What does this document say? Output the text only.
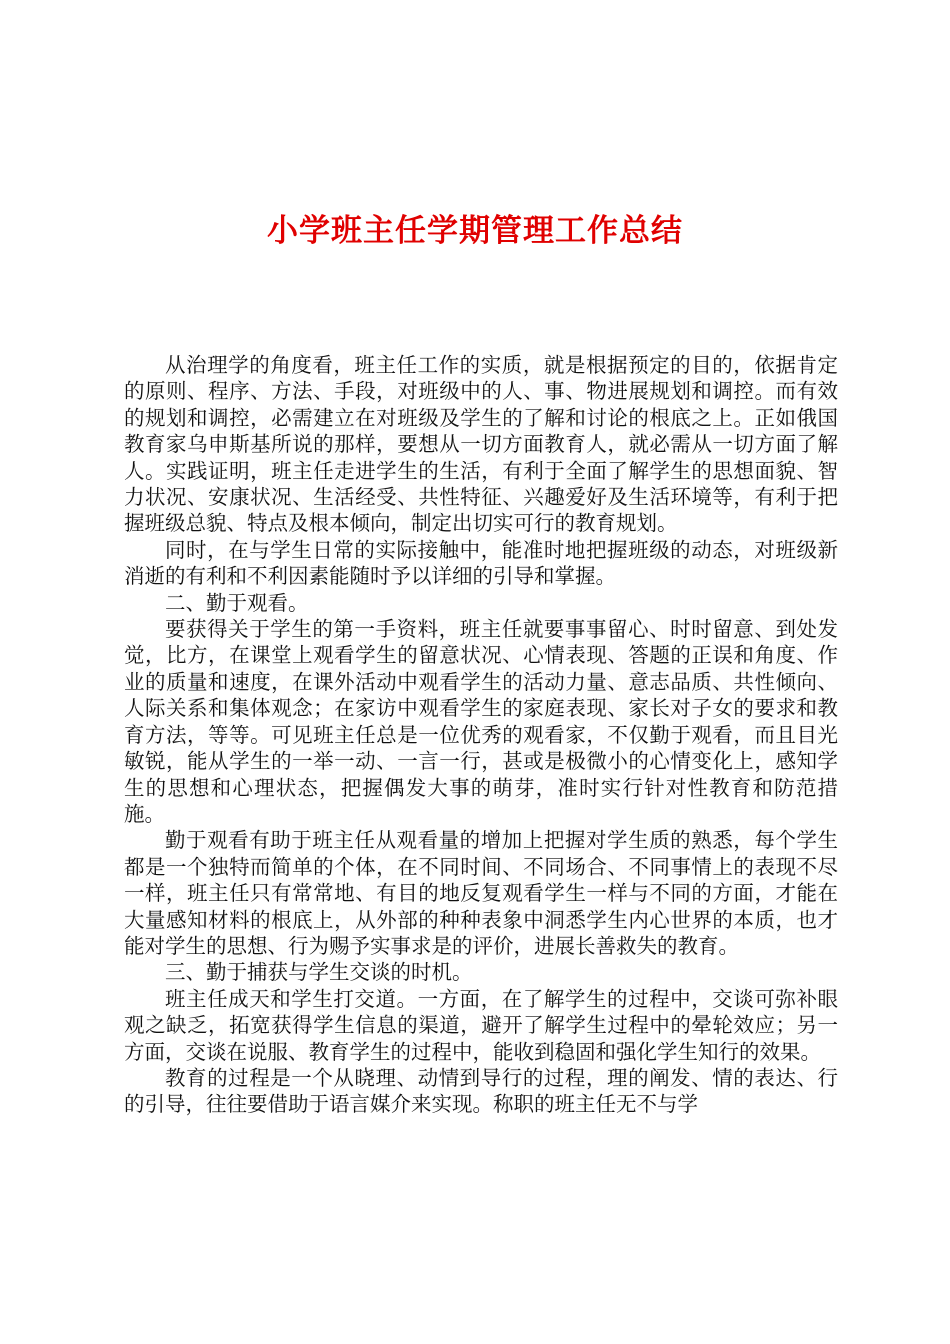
小学班主任学期管理工作总结

从治理学的角度看，班主任工作的实质，就是根据预定的目的，依据肯定的原则、程序、方法、手段，对班级中的人、事、物进展规划和调控。而有效的规划和调控，必需建立在对班级及学生的了解和讨论的根底之上。正如俄国教育家乌申斯基所说的那样，要想从一切方面教育人，就必需从一切方面了解人。实践证明，班主任走进学生的生活，有利于全面了解学生的思想面貌、智力状况、安康状况、生活经受、共性特征、兴趣爱好及生活环境等，有利于把握班级总貌、特点及根本倾向，制定出切实可行的教育规划。

同时，在与学生日常的实际接触中，能准时地把握班级的动态，对班级新消逝的有利和不利因素能随时予以详细的引导和掌握。

二、勤于观看。

要获得关于学生的第一手资料，班主任就要事事留心、时时留意、到处发觉，比方，在课堂上观看学生的留意状况、心情表现、答题的正误和角度、作业的质量和速度，在课外活动中观看学生的活动力量、意志品质、共性倾向、人际关系和集体观念；在家访中观看学生的家庭表现、家长对子女的要求和教育方法，等等。可见班主任总是一位优秀的观看家，不仅勤于观看，而且目光敏锐，能从学生的一举一动、一言一行，甚或是极微小的心情变化上，感知学生的思想和心理状态，把握偶发大事的萌芽，准时实行针对性教育和防范措施。

勤于观看有助于班主任从观看量的增加上把握对学生质的熟悉，每个学生都是一个独特而简单的个体，在不同时间、不同场合、不同事情上的表现不尽一样，班主任只有常常地、有目的地反复观看学生一样与不同的方面，才能在大量感知材料的根底上，从外部的种种表象中洞悉学生内心世界的本质，也才能对学生的思想、行为赐予实事求是的评价，进展长善救失的教育。

三、勤于捕获与学生交谈的时机。

班主任成天和学生打交道。一方面，在了解学生的过程中，交谈可弥补眼观之缺乏，拓宽获得学生信息的渠道，避开了解学生过程中的晕轮效应；另一方面，交谈在说服、教育学生的过程中，能收到稳固和强化学生知行的效果。

教育的过程是一个从晓理、动情到导行的过程，理的阐发、情的表达、行的引导，往往要借助于语言媒介来实现。称职的班主任无不与学
